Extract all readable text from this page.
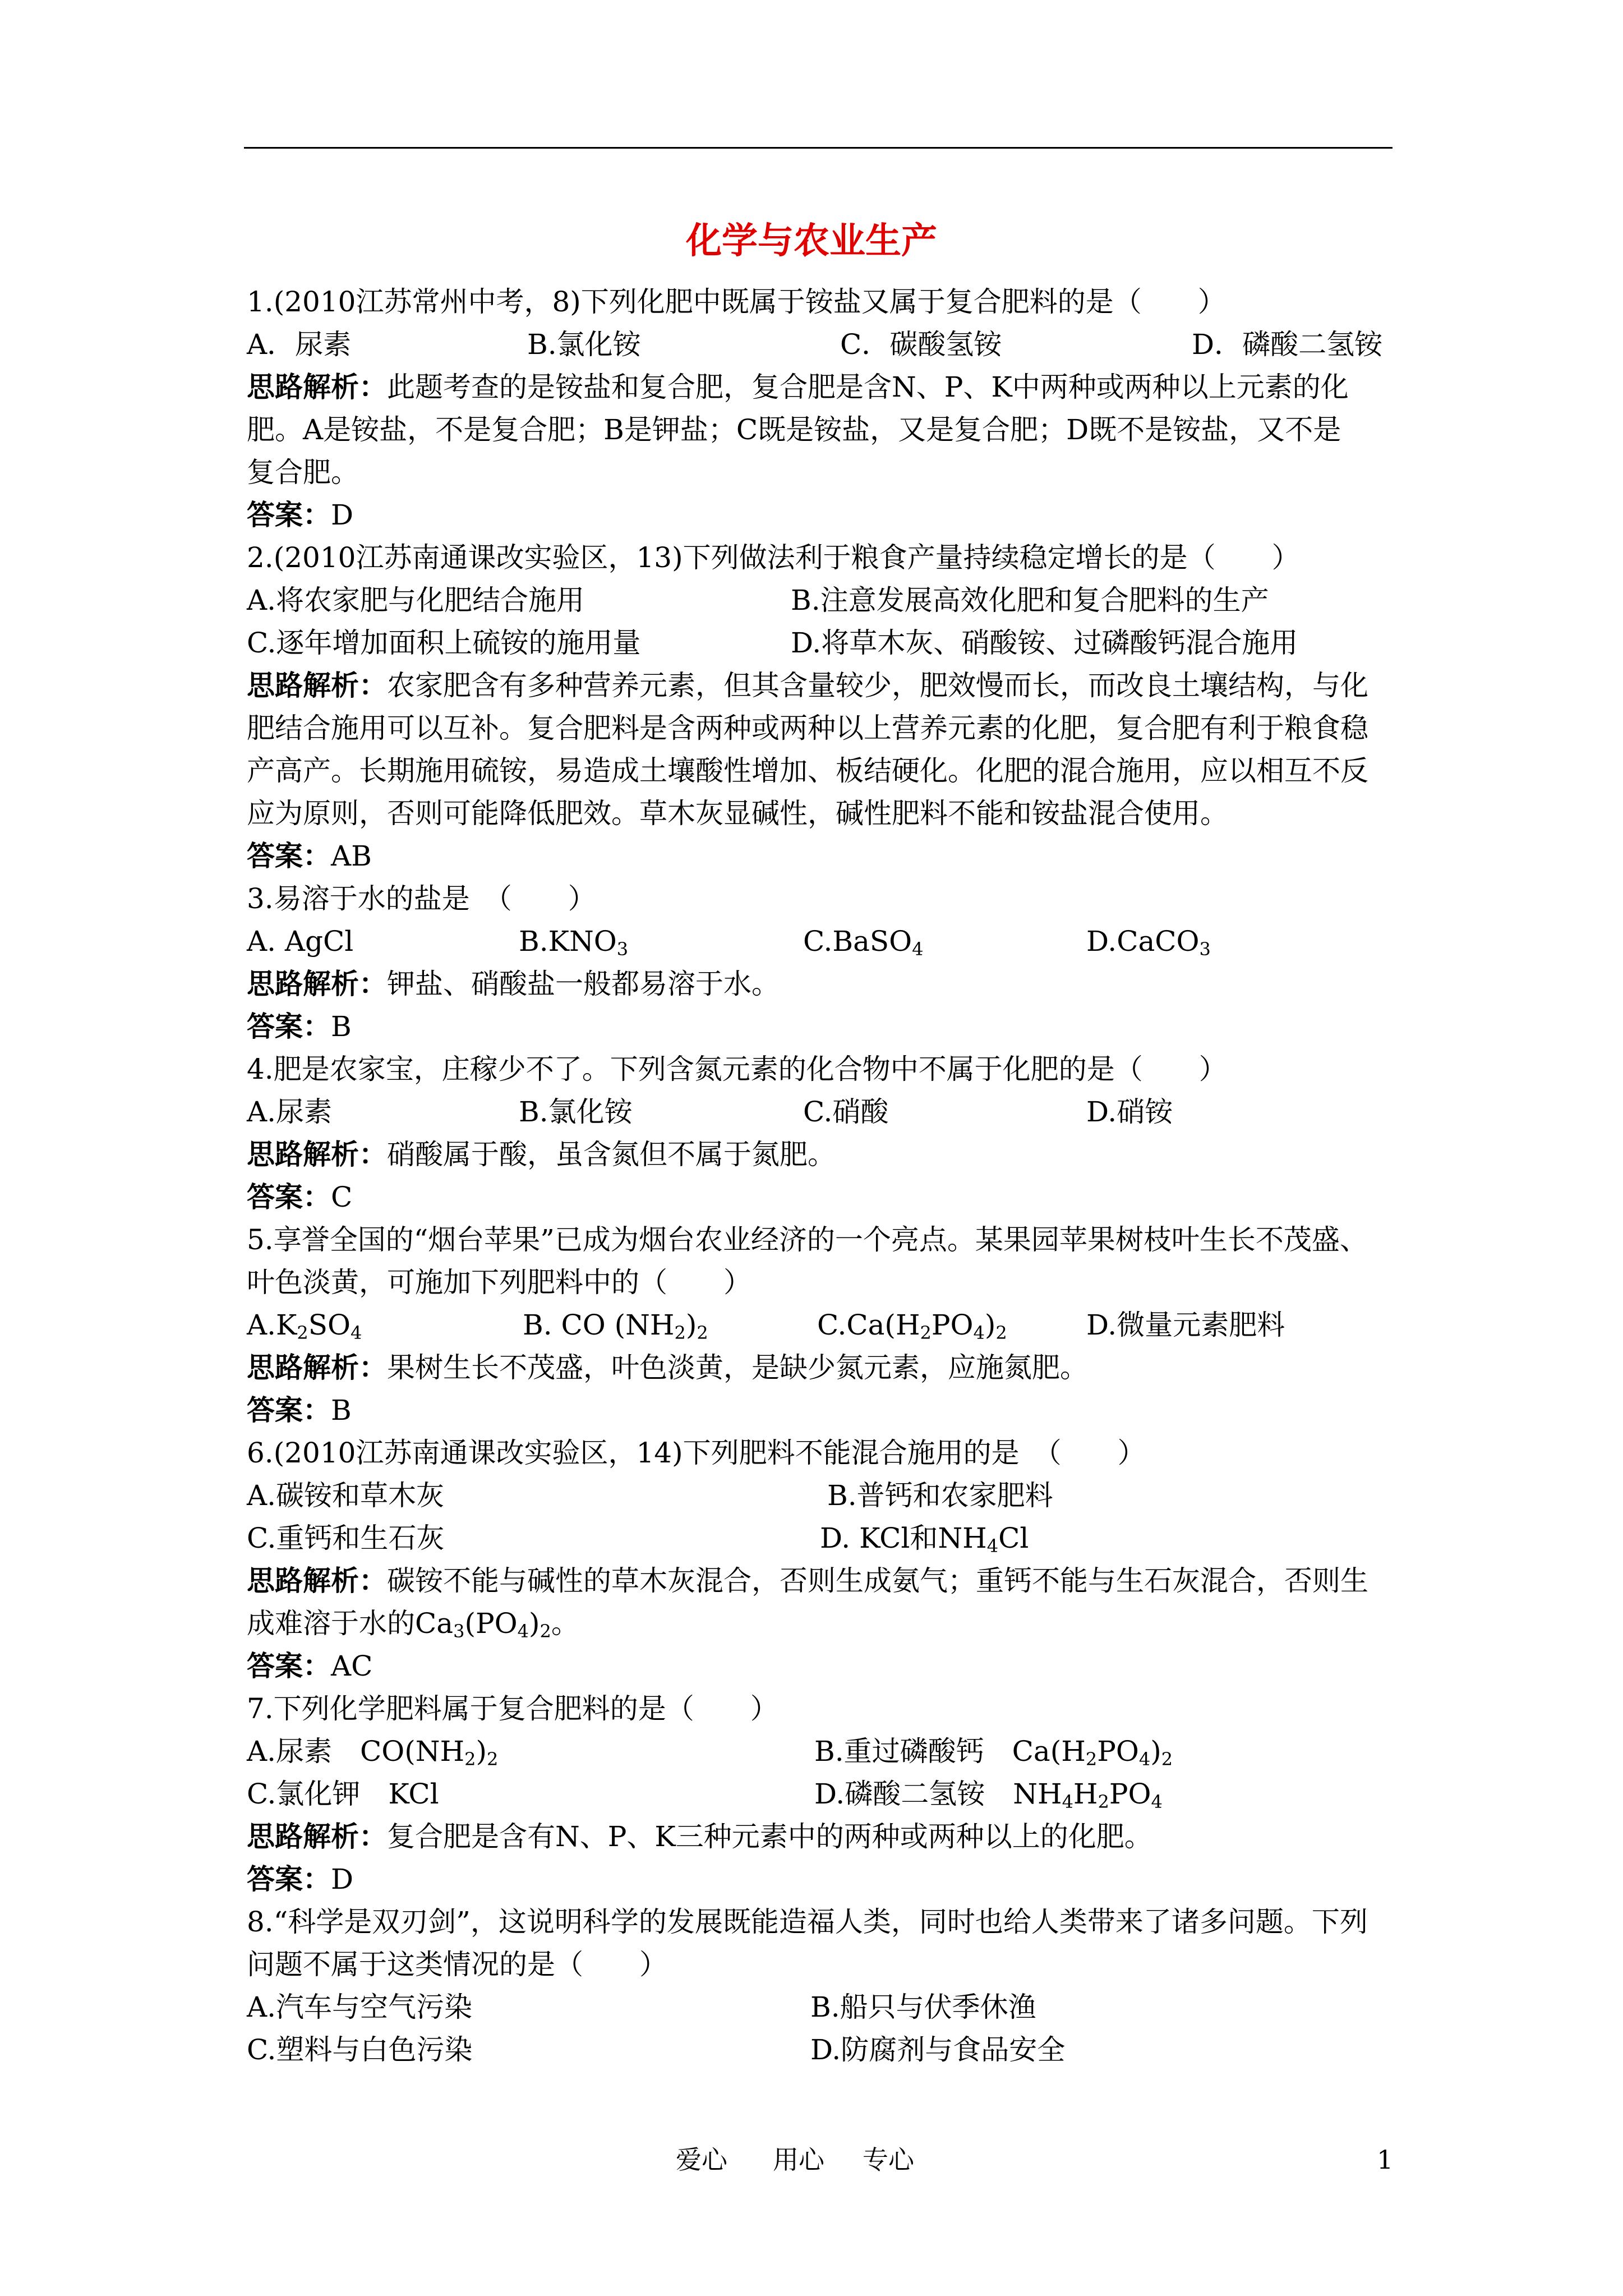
化学与农业生产
1.(2010江苏常州中考，8)下列化肥中既属于铵盐又属于复合肥料的是（　　）
A．尿素	B.氯化铵	C．碳酸氢铵	D．磷酸二氢铵
思路解析：此题考查的是铵盐和复合肥，复合肥是含N、P、K中两种或两种以上元素的化
肥。A是铵盐，不是复合肥；B是钾盐；C既是铵盐，又是复合肥；D既不是铵盐，又不是
复合肥。
答案：D
2.(2010江苏南通课改实验区，13)下列做法利于粮食产量持续稳定增长的是（　　）
A.将农家肥与化肥结合施用	B.注意发展高效化肥和复合肥料的生产
C.逐年增加面积上硫铵的施用量	D.将草木灰、硝酸铵、过磷酸钙混合施用
思路解析：农家肥含有多种营养元素，但其含量较少，肥效慢而长，而改良土壤结构，与化
肥结合施用可以互补。复合肥料是含两种或两种以上营养元素的化肥，复合肥有利于粮食稳
产高产。长期施用硫铵，易造成土壤酸性增加、板结硬化。化肥的混合施用，应以相互不反
应为原则，否则可能降低肥效。草木灰显碱性，碱性肥料不能和铵盐混合使用。
答案：AB
3.易溶于水的盐是　（　　）
A. AgCl	$B.KNO_3$	C.BaSO$_4$	D.CaCO$_3$
思路解析：钾盐、硝酸盐一般都易溶于水。
答案：B
4.肥是农家宝，庄稼少不了。下列含氮元素的化合物中不属于化肥的是（　　）
A.尿素	B.氯化铵	C.硝酸	D.硝铵
思路解析：硝酸属于酸，虽含氮但不属于氮肥。
答案：C
5.享誉全国的“烟台苹果”已成为烟台农业经济的一个亮点。某果园苹果树枝叶生长不茂盛、
叶色淡黄，可施加下列肥料中的（　　）
$A.K_2SO_4$	B. CO $(NH_2)_2$	$C.Ca(H_2PO_4)_2$	D.微量元素肥料
思路解析：果树生长不茂盛，叶色淡黄，是缺少氮元素，应施氮肥。
答案：B
6.(2010江苏南通课改实验区，14)下列肥料不能混合施用的是　（　　）
A.碳铵和草木灰	B.普钙和农家肥料
C.重钙和生石灰	D. KCl和$NH_4Cl$
思路解析：碳铵不能与碱性的草木灰混合，否则生成氨气；重钙不能与生石灰混合，否则生
成难溶于水的$Ca_3(PO_4)_2$。
答案：AC
7.下列化学肥料属于复合肥料的是（　　）
A.尿素　$CO(NH_2)_2$	B.重过磷酸钙　$Ca(H_2PO_4)_2$
C.氯化钾　KCl	D.磷酸二氢铵　$NH_4H_2PO_4$
思路解析：复合肥是含有N、P、K三种元素中的两种或两种以上的化肥。
答案：D
8.“科学是双刃剑”，这说明科学的发展既能造福人类，同时也给人类带来了诸多问题。下列
问题不属于这类情况的是（　　）
A.汽车与空气污染	B.船只与伏季休渔
C.塑料与白色污染	D.防腐剂与食品安全
爱心 用心 专心	1
